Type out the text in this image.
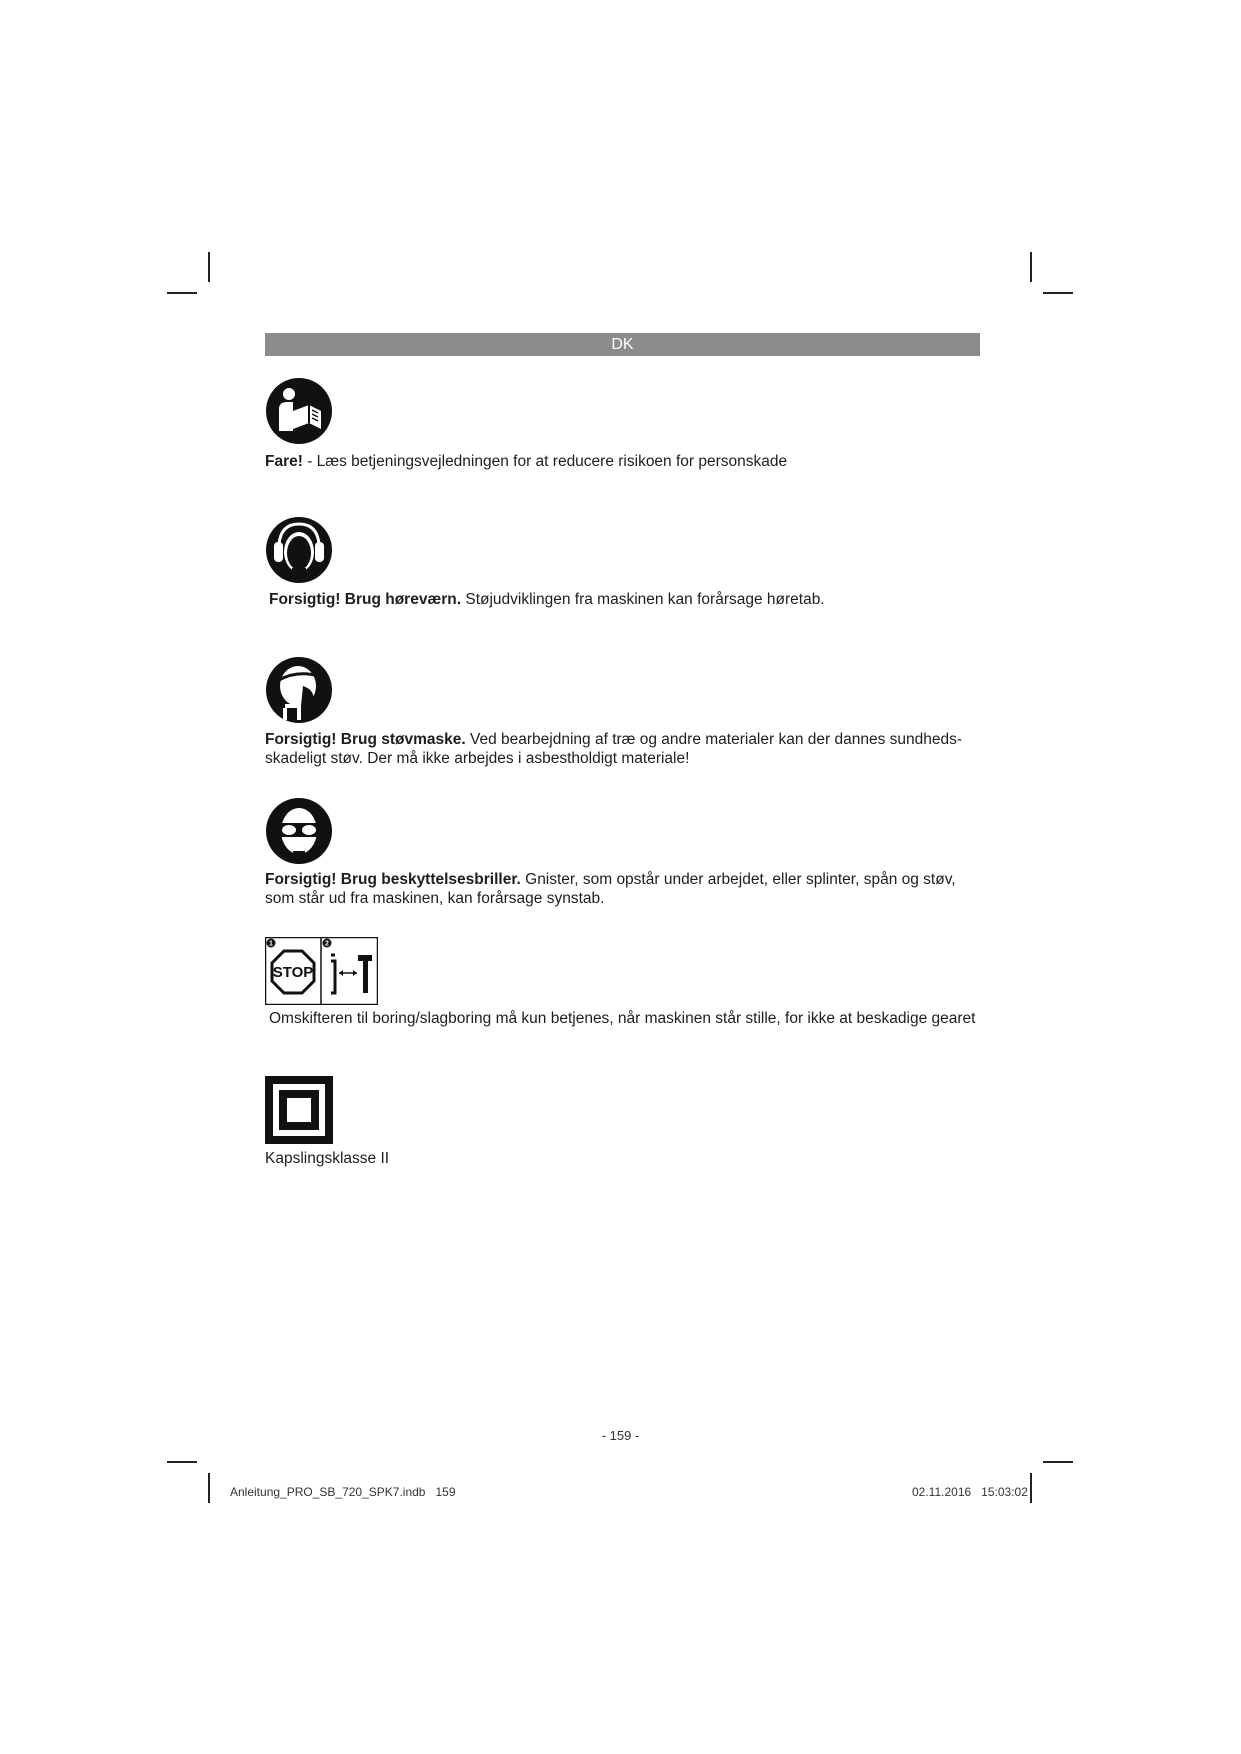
DK
Fare! - Læs betjeningsvejledningen for at reducere risikoen for personskade
Forsigtig! Brug høreværn. Støjudviklingen fra maskinen kan forårsage høretab.
Forsigtig! Brug støvmaske. Ved bearbejdning af træ og andre materialer kan der dannes sundheds-skadeligt støv. Der må ikke arbejdes i asbestholdigt materiale!
Forsigtig! Brug beskyttelsesbriller. Gnister, som opstår under arbejdet, eller splinter, spån og støv, som står ud fra maskinen, kan forårsage synstab.
1	2
STOP
Omskifteren til boring/slagboring må kun betjenes, når maskinen står stille, for ikke at beskadige gearet
Kapslingsklasse II
- 159 -
Anleitung_PRO_SB_720_SPK7.indb   159	02.11.2016   15:03:02
